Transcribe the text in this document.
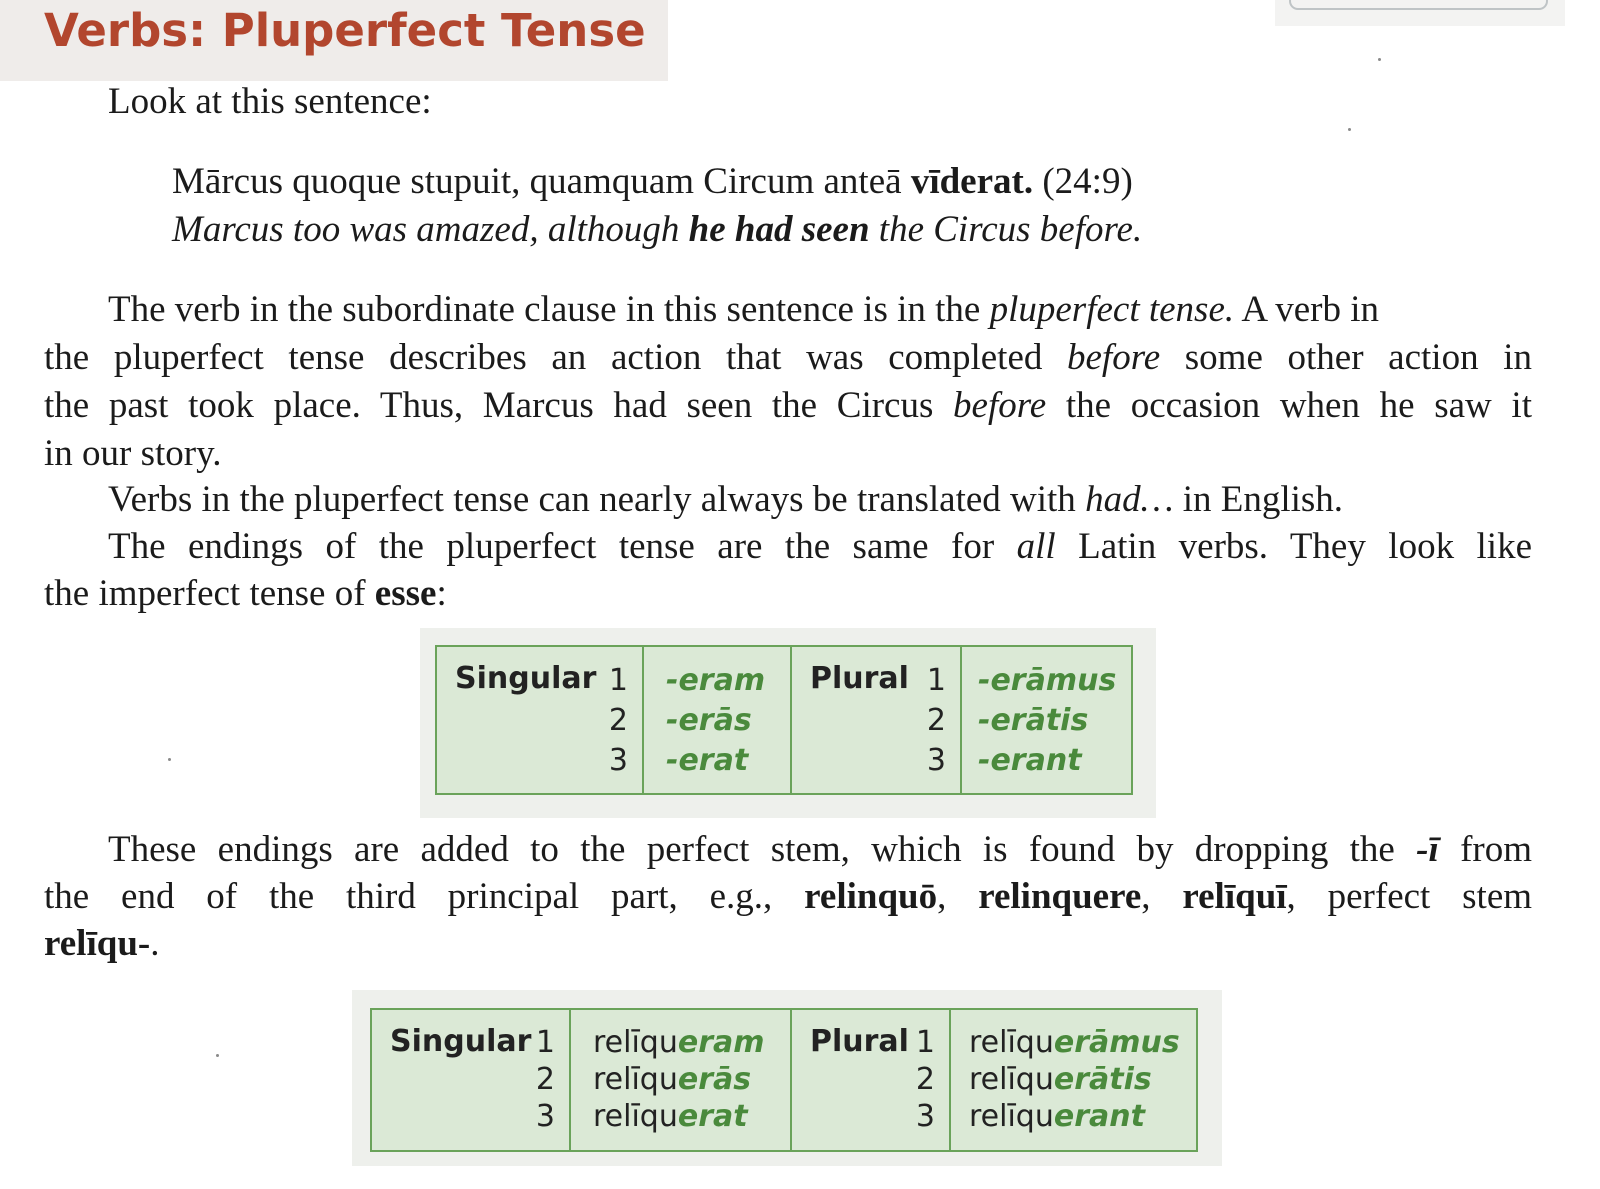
Verbs: Pluperfect Tense
Look at this sentence:
Mārcus quoque stupuit, quamquam Circum anteā vīderat. (24:9)
Marcus too was amazed, although he had seen the Circus before.
The verb in the subordinate clause in this sentence is in the pluperfect tense. A verb in
the pluperfect tense describes an action that was completed before some other action in
the past took place. Thus, Marcus had seen the Circus before the occasion when he saw it
in our story.
Verbs in the pluperfect tense can nearly always be translated with had… in English.
The endings of the pluperfect tense are the same for all Latin verbs. They look like
the imperfect tense of esse:
Singular 1
2
3
-eram
-erās
-erat
Plural 1
2
3
-erāmus
-erātis
-erant
These endings are added to the perfect stem, which is found by dropping the -ī from
the end of the third principal part, e.g., relinquō, relinquere, relīquī, perfect stem
relīqu-.
Singular 1
2
3
relīqueram
relīquerās
relīquerat
Plural 1
2
3
relīquerāmus
relīquerātis
relīquerant
